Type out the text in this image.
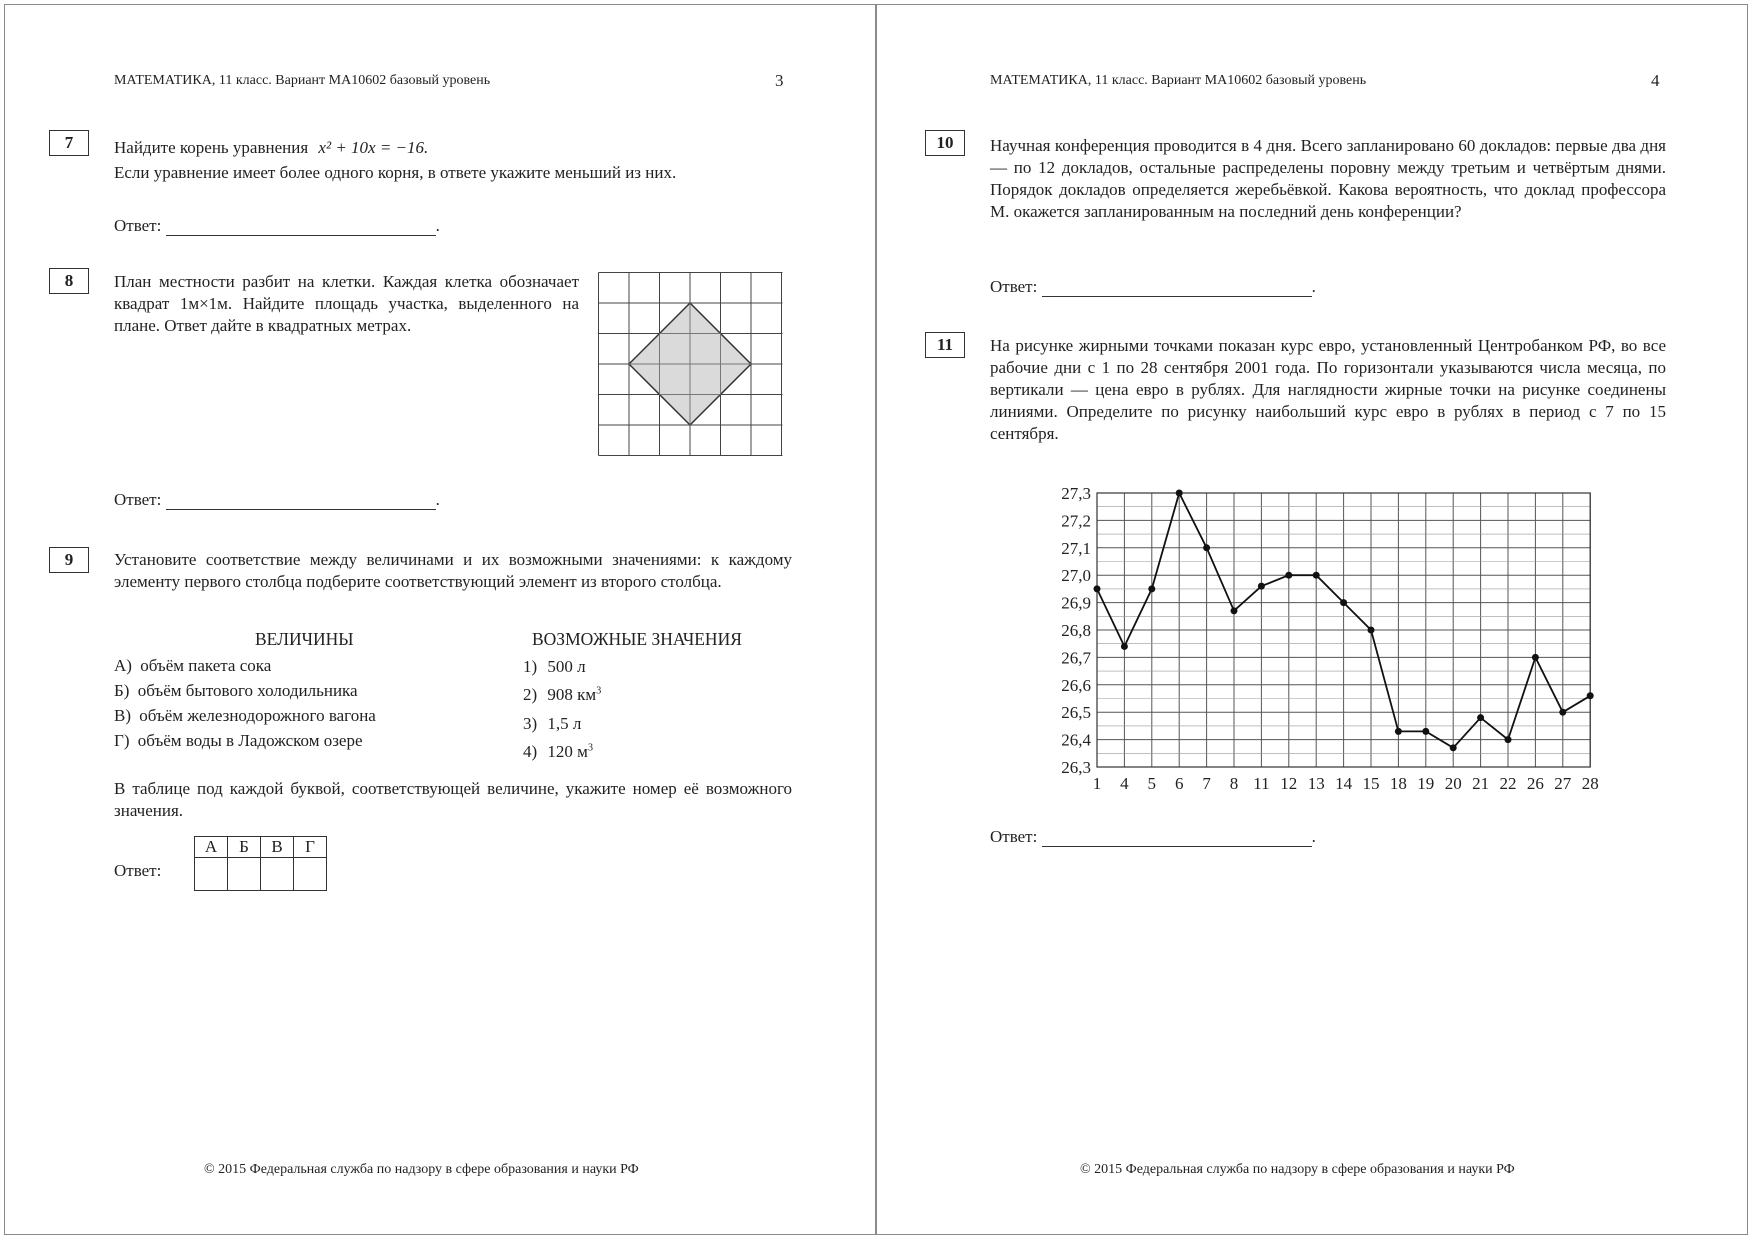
МАТЕМАТИКА, 11 класс. Вариант МА10602 базовый уровень	3
7	Найдите корень уравнения x² + 10x = −16.
Если уравнение имеет более одного корня, в ответе укажите меньший из них.
Ответ:	.
8	План местности разбит на клетки. Каждая клетка обозначает квадрат 1м×1м. Найдите площадь участка, выделенного на плане. Ответ дайте в квадратных метрах.
Ответ:	.
9	Установите соответствие между величинами и их возможными значениями: к каждому элементу первого столбца подберите соответствующий элемент из второго столбца.
ВЕЛИЧИНЫ	ВОЗМОЖНЫЕ ЗНАЧЕНИЯ
А) объём пакета сока
Б) объём бытового холодильника
В) объём железнодорожного вагона
Г) объём воды в Ладожском озере
1) 500 л
2) 908 $км^3$
3) 1,5 л
4) 120 $м^3$
В таблице под каждой буквой, соответствующей величине, укажите номер её возможного значения.
Ответ:
А	Б	В	Г

© 2015 Федеральная служба по надзору в сфере образования и науки РФ
МАТЕМАТИКА, 11 класс. Вариант МА10602 базовый уровень	4
10	Научная конференция проводится в 4 дня. Всего запланировано 60 докладов: первые два дня — по 12 докладов, остальные распределены поровну между третьим и четвёртым днями. Порядок докладов определяется жеребьёвкой. Какова вероятность, что доклад профессора М. окажется запланированным на последний день конференции?
Ответ:	.
11	На рисунке жирными точками показан курс евро, установленный Центробанком РФ, во все рабочие дни с 1 по 28 сентября 2001 года. По горизонтали указываются числа месяца, по вертикали — цена евро в рублях. Для наглядности жирные точки на рисунке соединены линиями. Определите по рисунку наибольший курс евро в рублях в период с 7 по 15 сентября.
26,3
26,4
26,5
26,6
26,7
26,8
26,9
27,0
27,1
27,2
27,3
1 4 5 6 7 8 11 12 13 14 15 18 19 20 21 22 26 27 28
Ответ:	.
© 2015 Федеральная служба по надзору в сфере образования и науки РФ
